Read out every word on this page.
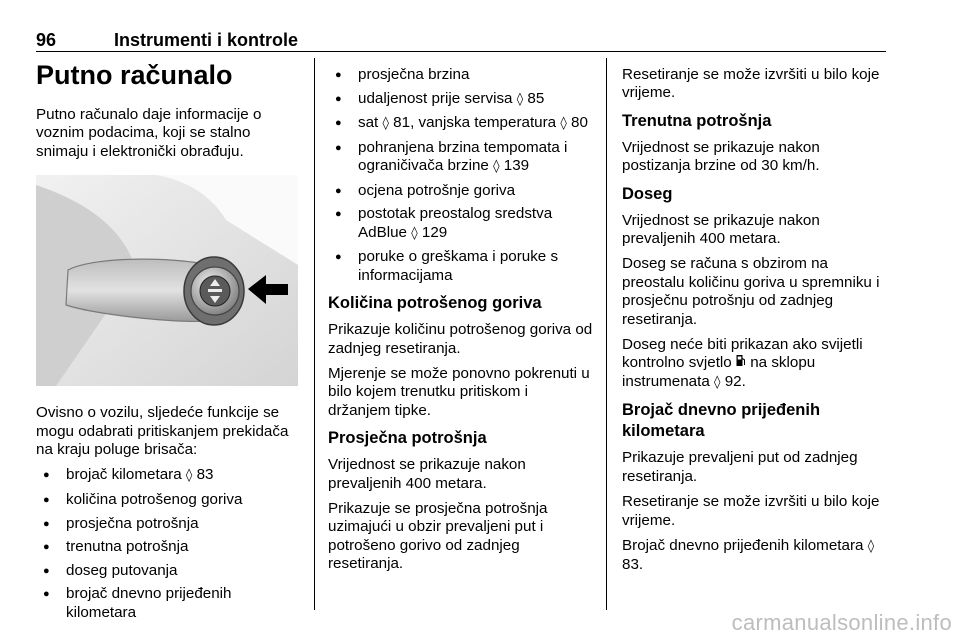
96	Instrumenti i kontrole
Putno računalo

Putno računalo daje informacije o voznim podacima, koji se stalno snimaju i elektronički obrađuju.

Ovisno o vozilu, sljedeće funkcije se mogu odabrati pritiskanjem prekidača na kraju poluge brisača:

● brojač kilometara ◊ 83
● količina potrošenog goriva
● prosječna potrošnja
● trenutna potrošnja
● doseg putovanja
● brojač dnevno prijeđenih kilometara
● prosječna brzina
● udaljenost prije servisa ◊ 85
● sat ◊ 81, vanjska temperatura ◊ 80
● pohranjena brzina tempomata i ograničivača brzine ◊ 139
● ocjena potrošnje goriva
● postotak preostalog sredstva AdBlue ◊ 129
● poruke o greškama i poruke s informacijama
Količina potrošenog goriva

Prikazuje količinu potrošenog goriva od zadnjeg resetiranja.

Mjerenje se može ponovno pokrenuti u bilo kojem trenutku pritiskom i držanjem tipke.

Prosječna potrošnja

Vrijednost se prikazuje nakon prevaljenih 400 metara.

Prikazuje se prosječna potrošnja uzimajući u obzir prevaljeni put i potrošeno gorivo od zadnjeg resetiranja.

Resetiranje se može izvršiti u bilo koje vrijeme.

Trenutna potrošnja

Vrijednost se prikazuje nakon postizanja brzine od 30 km/h.

Doseg

Vrijednost se prikazuje nakon prevaljenih 400 metara.

Doseg se računa s obzirom na preostalu količinu goriva u spremniku i prosječnu potrošnju od zadnjeg resetiranja.

Doseg neće biti prikazan ako svijetli kontrolno svjetlo  na sklopu instrumenata ◊ 92.

Brojač dnevno prijeđenih kilometara

Prikazuje prevaljeni put od zadnjeg resetiranja.

Resetiranje se može izvršiti u bilo koje vrijeme.

Brojač dnevno prijeđenih kilometara ◊ 83.

carmanualsonline.info
